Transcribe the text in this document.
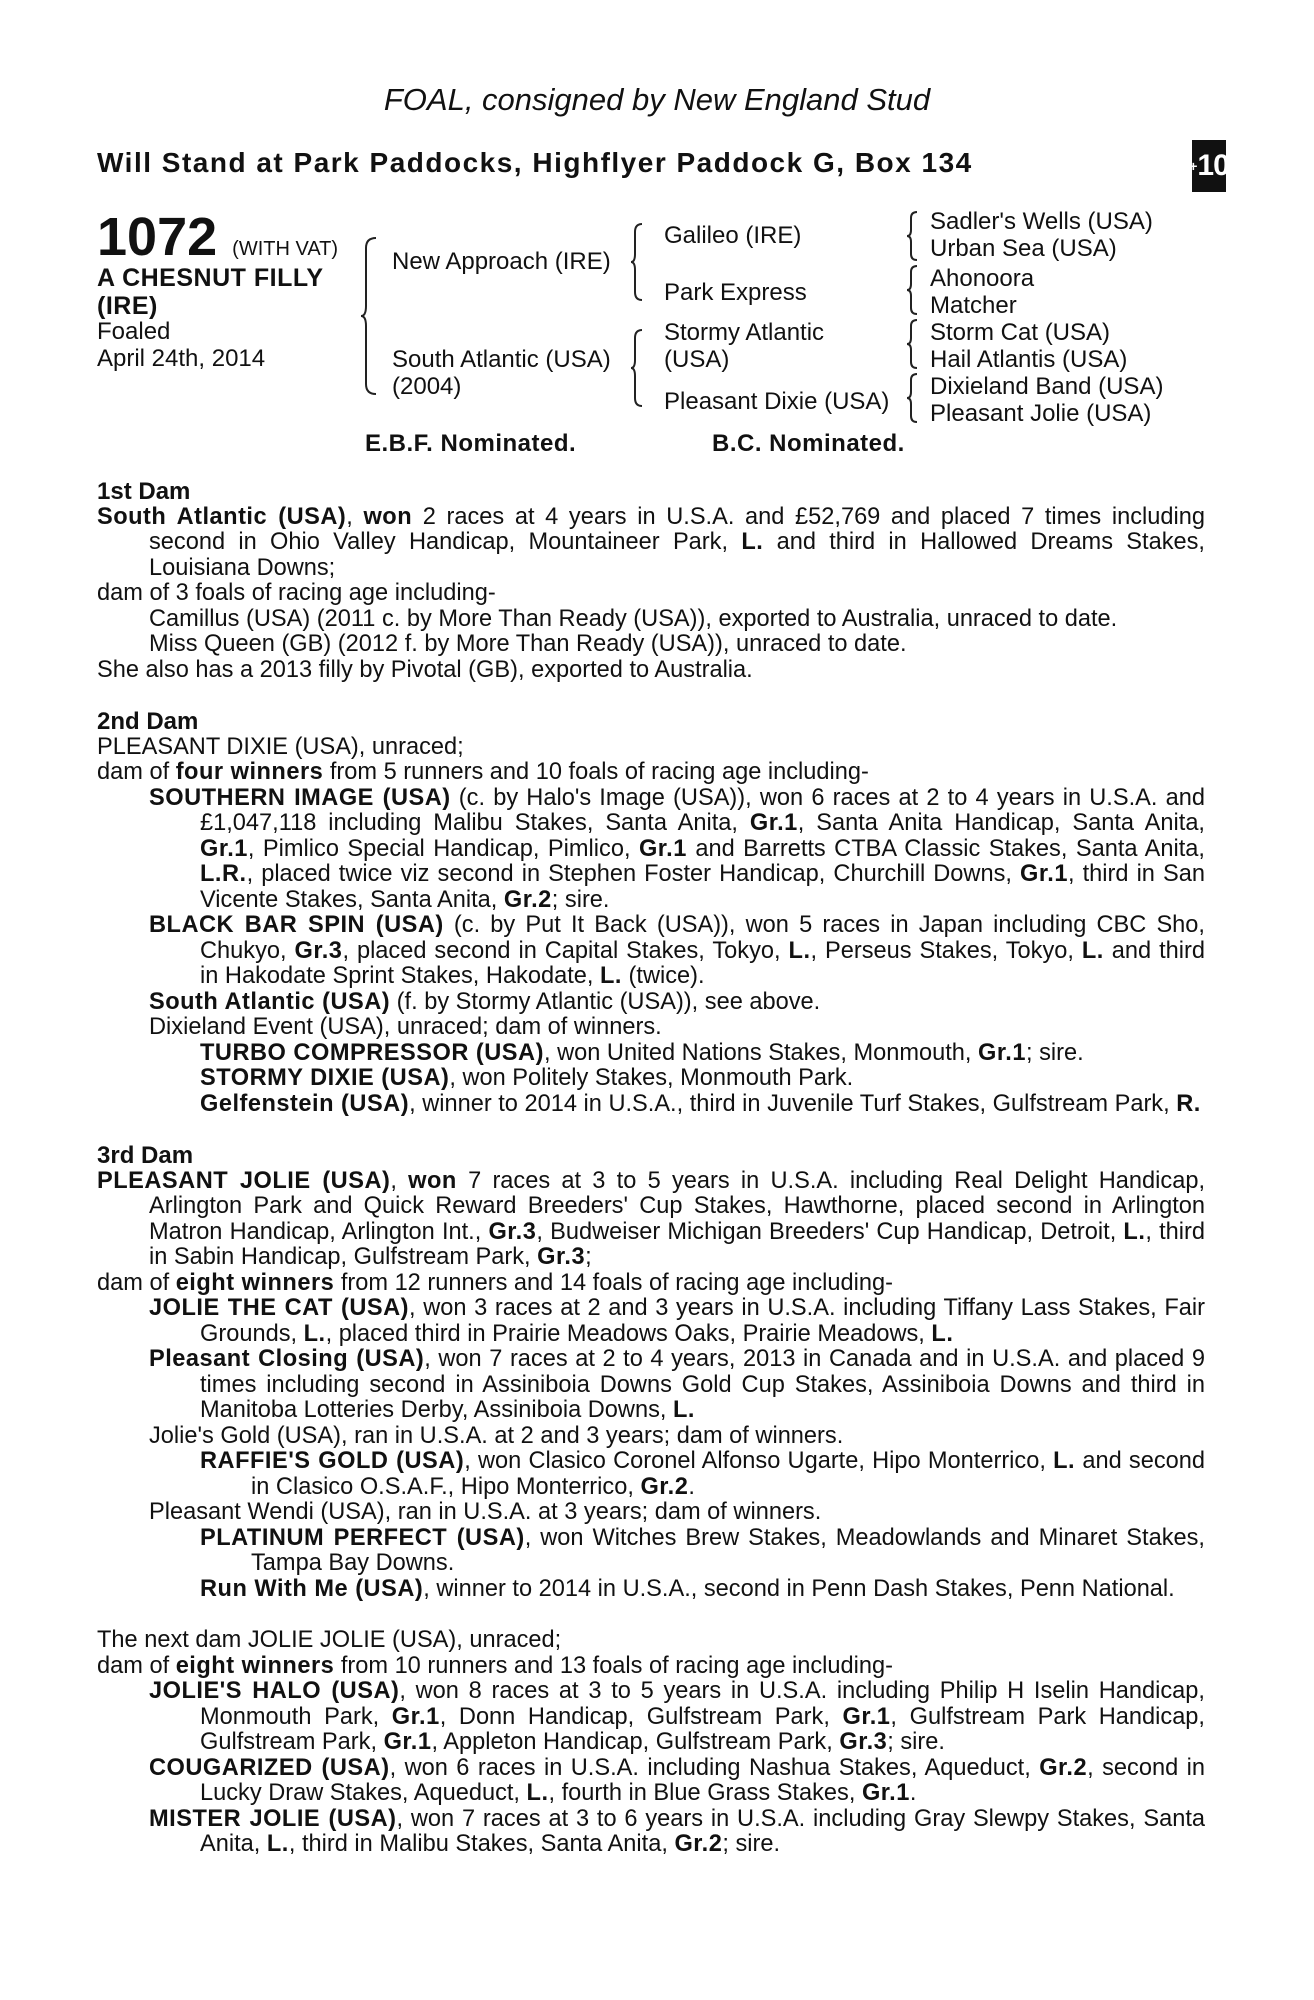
FOAL, consigned by New England Stud
Will Stand at Park Paddocks, Highflyer Paddock G, Box 134	+ 10
1072 (WITH VAT)
A CHESNUT FILLY
(IRE)
Foaled
April 24th, 2014
New Approach (IRE)
South Atlantic (USA)
(2004)
Galileo (IRE)
Park Express
Stormy Atlantic
(USA)
Pleasant Dixie (USA)
Sadler's Wells (USA)
Urban Sea (USA)
Ahonoora
Matcher
Storm Cat (USA)
Hail Atlantis (USA)
Dixieland Band (USA)
Pleasant Jolie (USA)
E.B.F. Nominated.	B.C. Nominated.
1st Dam

South Atlantic (USA), won 2 races at 4 years in U.S.A. and £52,769 and placed 7 times including second in Ohio Valley Handicap, Mountaineer Park, L. and third in Hallowed Dreams Stakes, Louisiana Downs;

dam of 3 foals of racing age including-

Camillus (USA) (2011 c. by More Than Ready (USA)), exported to Australia, unraced to date.

Miss Queen (GB) (2012 f. by More Than Ready (USA)), unraced to date.

She also has a 2013 filly by Pivotal (GB), exported to Australia.

2nd Dam

PLEASANT DIXIE (USA), unraced;

dam of four winners from 5 runners and 10 foals of racing age including-

SOUTHERN IMAGE (USA) (c. by Halo's Image (USA)), won 6 races at 2 to 4 years in U.S.A. and £1,047,118 including Malibu Stakes, Santa Anita, Gr.1, Santa Anita Handicap, Santa Anita, Gr.1, Pimlico Special Handicap, Pimlico, Gr.1 and Barretts CTBA Classic Stakes, Santa Anita, L.R., placed twice viz second in Stephen Foster Handicap, Churchill Downs, Gr.1, third in San Vicente Stakes, Santa Anita, Gr.2; sire.

BLACK BAR SPIN (USA) (c. by Put It Back (USA)), won 5 races in Japan including CBC Sho, Chukyo, Gr.3, placed second in Capital Stakes, Tokyo, L., Perseus Stakes, Tokyo, L. and third in Hakodate Sprint Stakes, Hakodate, L. (twice).

South Atlantic (USA) (f. by Stormy Atlantic (USA)), see above.

Dixieland Event (USA), unraced; dam of winners.

TURBO COMPRESSOR (USA), won United Nations Stakes, Monmouth, Gr.1; sire.

STORMY DIXIE (USA), won Politely Stakes, Monmouth Park.

Gelfenstein (USA), winner to 2014 in U.S.A., third in Juvenile Turf Stakes, Gulfstream Park, R.

3rd Dam

PLEASANT JOLIE (USA), won 7 races at 3 to 5 years in U.S.A. including Real Delight Handicap, Arlington Park and Quick Reward Breeders' Cup Stakes, Hawthorne, placed second in Arlington Matron Handicap, Arlington Int., Gr.3, Budweiser Michigan Breeders' Cup Handicap, Detroit, L., third in Sabin Handicap, Gulfstream Park, Gr.3;

dam of eight winners from 12 runners and 14 foals of racing age including-

JOLIE THE CAT (USA), won 3 races at 2 and 3 years in U.S.A. including Tiffany Lass Stakes, Fair Grounds, L., placed third in Prairie Meadows Oaks, Prairie Meadows, L.

Pleasant Closing (USA), won 7 races at 2 to 4 years, 2013 in Canada and in U.S.A. and placed 9 times including second in Assiniboia Downs Gold Cup Stakes, Assiniboia Downs and third in Manitoba Lotteries Derby, Assiniboia Downs, L.

Jolie's Gold (USA), ran in U.S.A. at 2 and 3 years; dam of winners.

RAFFIE'S GOLD (USA), won Clasico Coronel Alfonso Ugarte, Hipo Monterrico, L. and second in Clasico O.S.A.F., Hipo Monterrico, Gr.2.

Pleasant Wendi (USA), ran in U.S.A. at 3 years; dam of winners.

PLATINUM PERFECT (USA), won Witches Brew Stakes, Meadowlands and Minaret Stakes, Tampa Bay Downs.

Run With Me (USA), winner to 2014 in U.S.A., second in Penn Dash Stakes, Penn National.

The next dam JOLIE JOLIE (USA), unraced;

dam of eight winners from 10 runners and 13 foals of racing age including-

JOLIE'S HALO (USA), won 8 races at 3 to 5 years in U.S.A. including Philip H Iselin Handicap, Monmouth Park, Gr.1, Donn Handicap, Gulfstream Park, Gr.1, Gulfstream Park Handicap, Gulfstream Park, Gr.1, Appleton Handicap, Gulfstream Park, Gr.3; sire.

COUGARIZED (USA), won 6 races in U.S.A. including Nashua Stakes, Aqueduct, Gr.2, second in Lucky Draw Stakes, Aqueduct, L., fourth in Blue Grass Stakes, Gr.1.

MISTER JOLIE (USA), won 7 races at 3 to 6 years in U.S.A. including Gray Slewpy Stakes, Santa Anita, L., third in Malibu Stakes, Santa Anita, Gr.2; sire.
